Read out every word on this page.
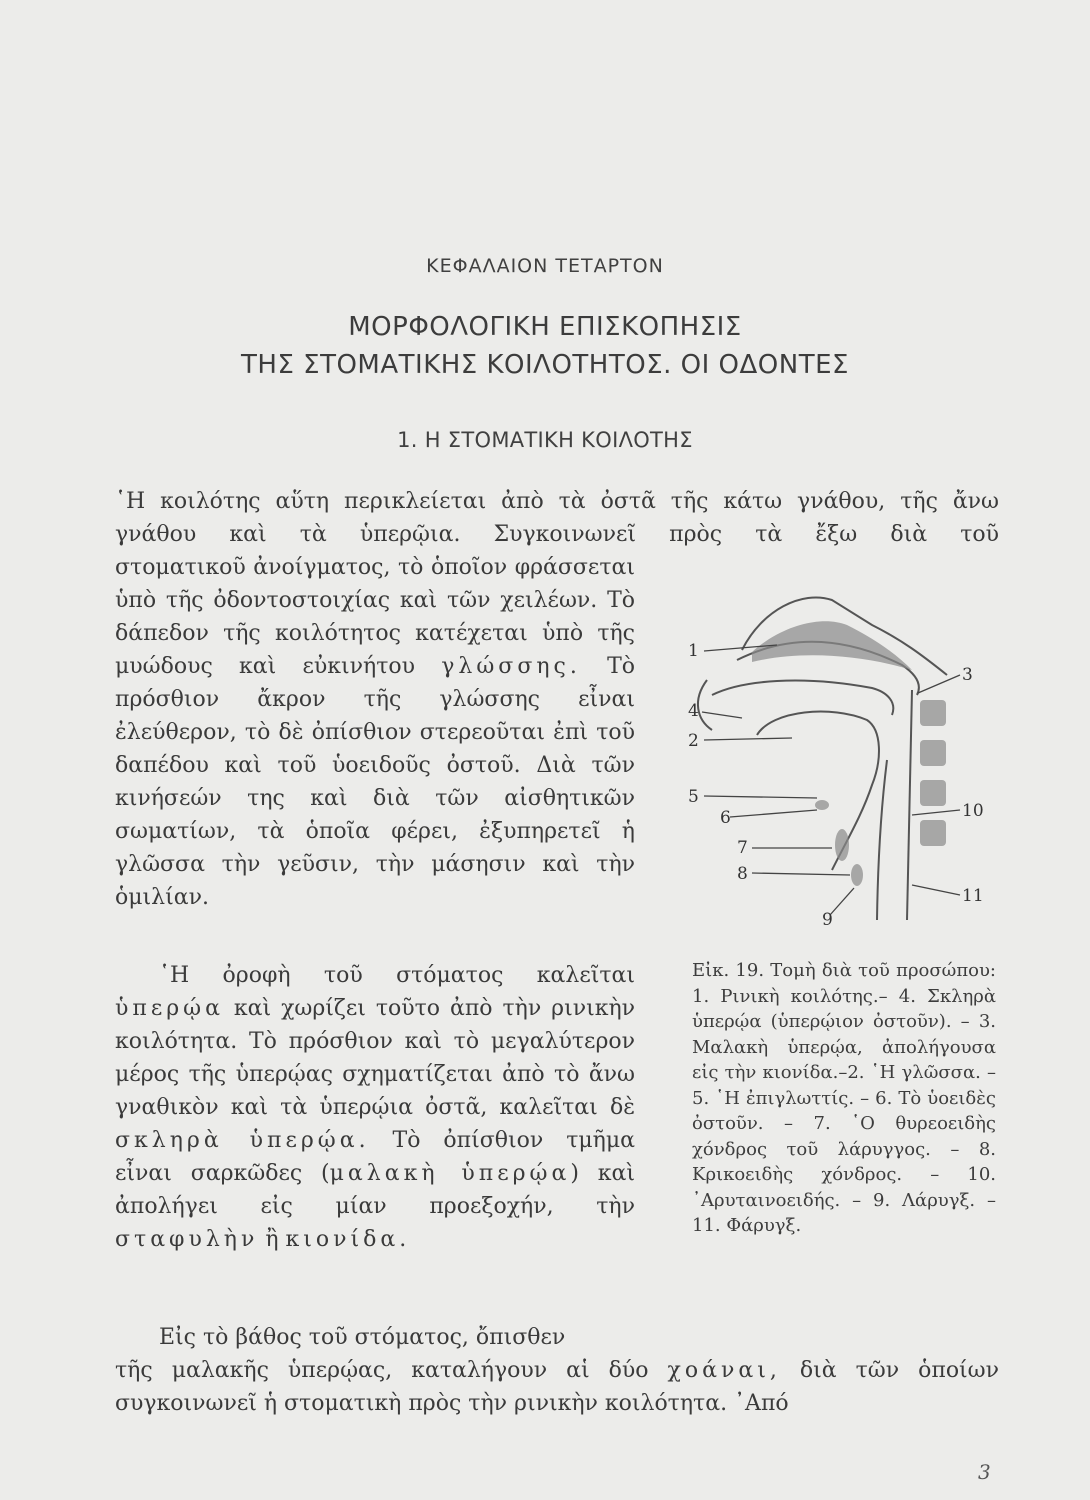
ΚΕΦΑΛΑΙΟΝ ΤΕΤΑΡΤΟΝ
ΜΟΡΦΟΛΟΓΙΚΗ ΕΠΙΣΚΟΠΗΣΙΣ
ΤΗΣ ΣΤΟΜΑΤΙΚΗΣ ΚΟΙΛΟΤΗΤΟΣ. ΟΙ ΟΔΟΝΤΕΣ
1. Η ΣΤΟΜΑΤΙΚΗ ΚΟΙΛΟΤΗΣ

῾Η κοιλότης αὕτη περικλείεται ἀπὸ τὰ ὀστᾶ τῆς κάτω γνάθου, τῆς ἄνω γνάθου καὶ τὰ ὑπερῷια. Συγκοινωνεῖ πρὸς τὰ ἔξω διὰ τοῦ

στοματικοῦ ἀνοίγματος, τὸ ὁποῖον φράσσεται ὑπὸ τῆς ὀδοντοστοιχίας καὶ τῶν χειλέων. Τὸ δάπεδον τῆς κοιλότητος κατέχεται ὑπὸ τῆς μυώδους καὶ εὐκινήτου γλώσσης. Τὸ πρόσθιον ἄκρον τῆς γλώσσης εἶναι ἐλεύθερον, τὸ δὲ ὀπίσθιον στερεοῦται ἐπὶ τοῦ δαπέδου καὶ τοῦ ὑοειδοῦς ὀστοῦ. Διὰ τῶν κινήσεών της καὶ διὰ τῶν αἰσθητικῶν σωματίων, τὰ ὁποῖα φέρει, ἐξυπηρετεῖ ἡ γλῶσσα τὴν γεῦσιν, τὴν μάσησιν καὶ τὴν ὁμιλίαν.

῾Η ὀροφὴ τοῦ στόματος καλεῖται ὑπερῴα καὶ χωρίζει τοῦτο ἀπὸ τὴν ρινικὴν κοιλότητα. Τὸ πρόσθιον καὶ τὸ μεγαλύτερον μέρος τῆς ὑπερῴας σχηματίζεται ἀπὸ τὸ ἄνω γναθικὸν καὶ τὰ ὑπερῴια ὀστᾶ, καλεῖται δὲ σκληρὰ ὑπερῴα. Τὸ ὀπίσθιον τμῆμα εἶναι σαρκῶδες (μαλακὴ ὑπερῴα) καὶ ἀπολήγει εἰς μίαν προεξοχήν, τὴν σταφυλὴν ἢ κιονίδα.

Εἰς τὸ βάθος τοῦ στόματος, ὄπισθεν

τῆς μαλακῆς ὑπερῴας, καταλήγουν αἱ δύο χοάναι, διὰ τῶν ὁποίων συγκοινωνεῖ ἡ στοματικὴ πρὸς τὴν ρινικὴν κοιλότητα. ᾿Από

1
2
3
4
5
6
7
8
9
10
11

Εἰκ. 19. Τομὴ διὰ τοῦ προσώπου: 1. Ρινικὴ κοιλότης.– 4. Σκληρὰ ὑπερῴα (ὑπερῴιον ὀστοῦν). – 3. Μαλακὴ ὑπερῴα, ἀπολήγουσα εἰς τὴν κιονίδα.–2. ῾Η γλῶσσα. – 5. ῾Η ἐπιγλωττίς. – 6. Τὸ ὑοειδὲς ὀστοῦν. – 7. ῾Ο θυρεοειδὴς χόνδρος τοῦ λάρυγγος. – 8. Κρικοειδὴς χόνδρος. – 10. ᾿Αρυταινοειδής. – 9. Λάρυγξ. – 11. Φάρυγξ.

3
